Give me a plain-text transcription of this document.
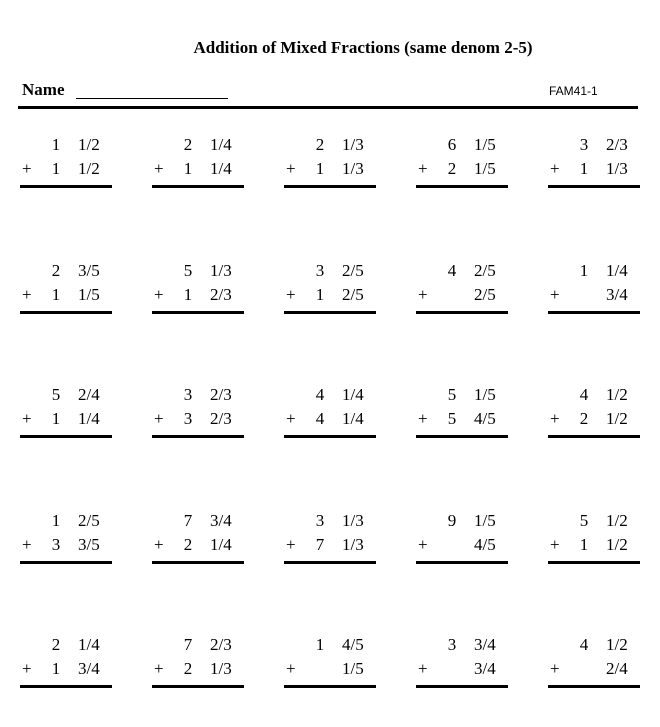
Addition of Mixed Fractions (same denom 2-5)
Name	FAM41-1
1 1/2
+ 1 1/2
2 1/4
+ 1 1/4
2 1/3
+ 1 1/3
6 1/5
+ 2 1/5
3 2/3
+ 1 1/3
2 3/5
+ 1 1/5
5 1/3
+ 1 2/3
3 2/5
+ 1 2/5
4 2/5
+	2/5
1 1/4
+	3/4
5 2/4
+ 1 1/4
3 2/3
+ 3 2/3
4 1/4
+ 4 1/4
5 1/5
+ 5 4/5
4 1/2
+ 2 1/2
1 2/5
+ 3 3/5
7 3/4
+ 2 1/4
3 1/3
+ 7 1/3
9 1/5
+	4/5
5 1/2
+ 1 1/2
2 1/4
+ 1 3/4
7 2/3
+ 2 1/3
1 4/5
+	1/5
3 3/4
+	3/4
4 1/2
+	2/4
